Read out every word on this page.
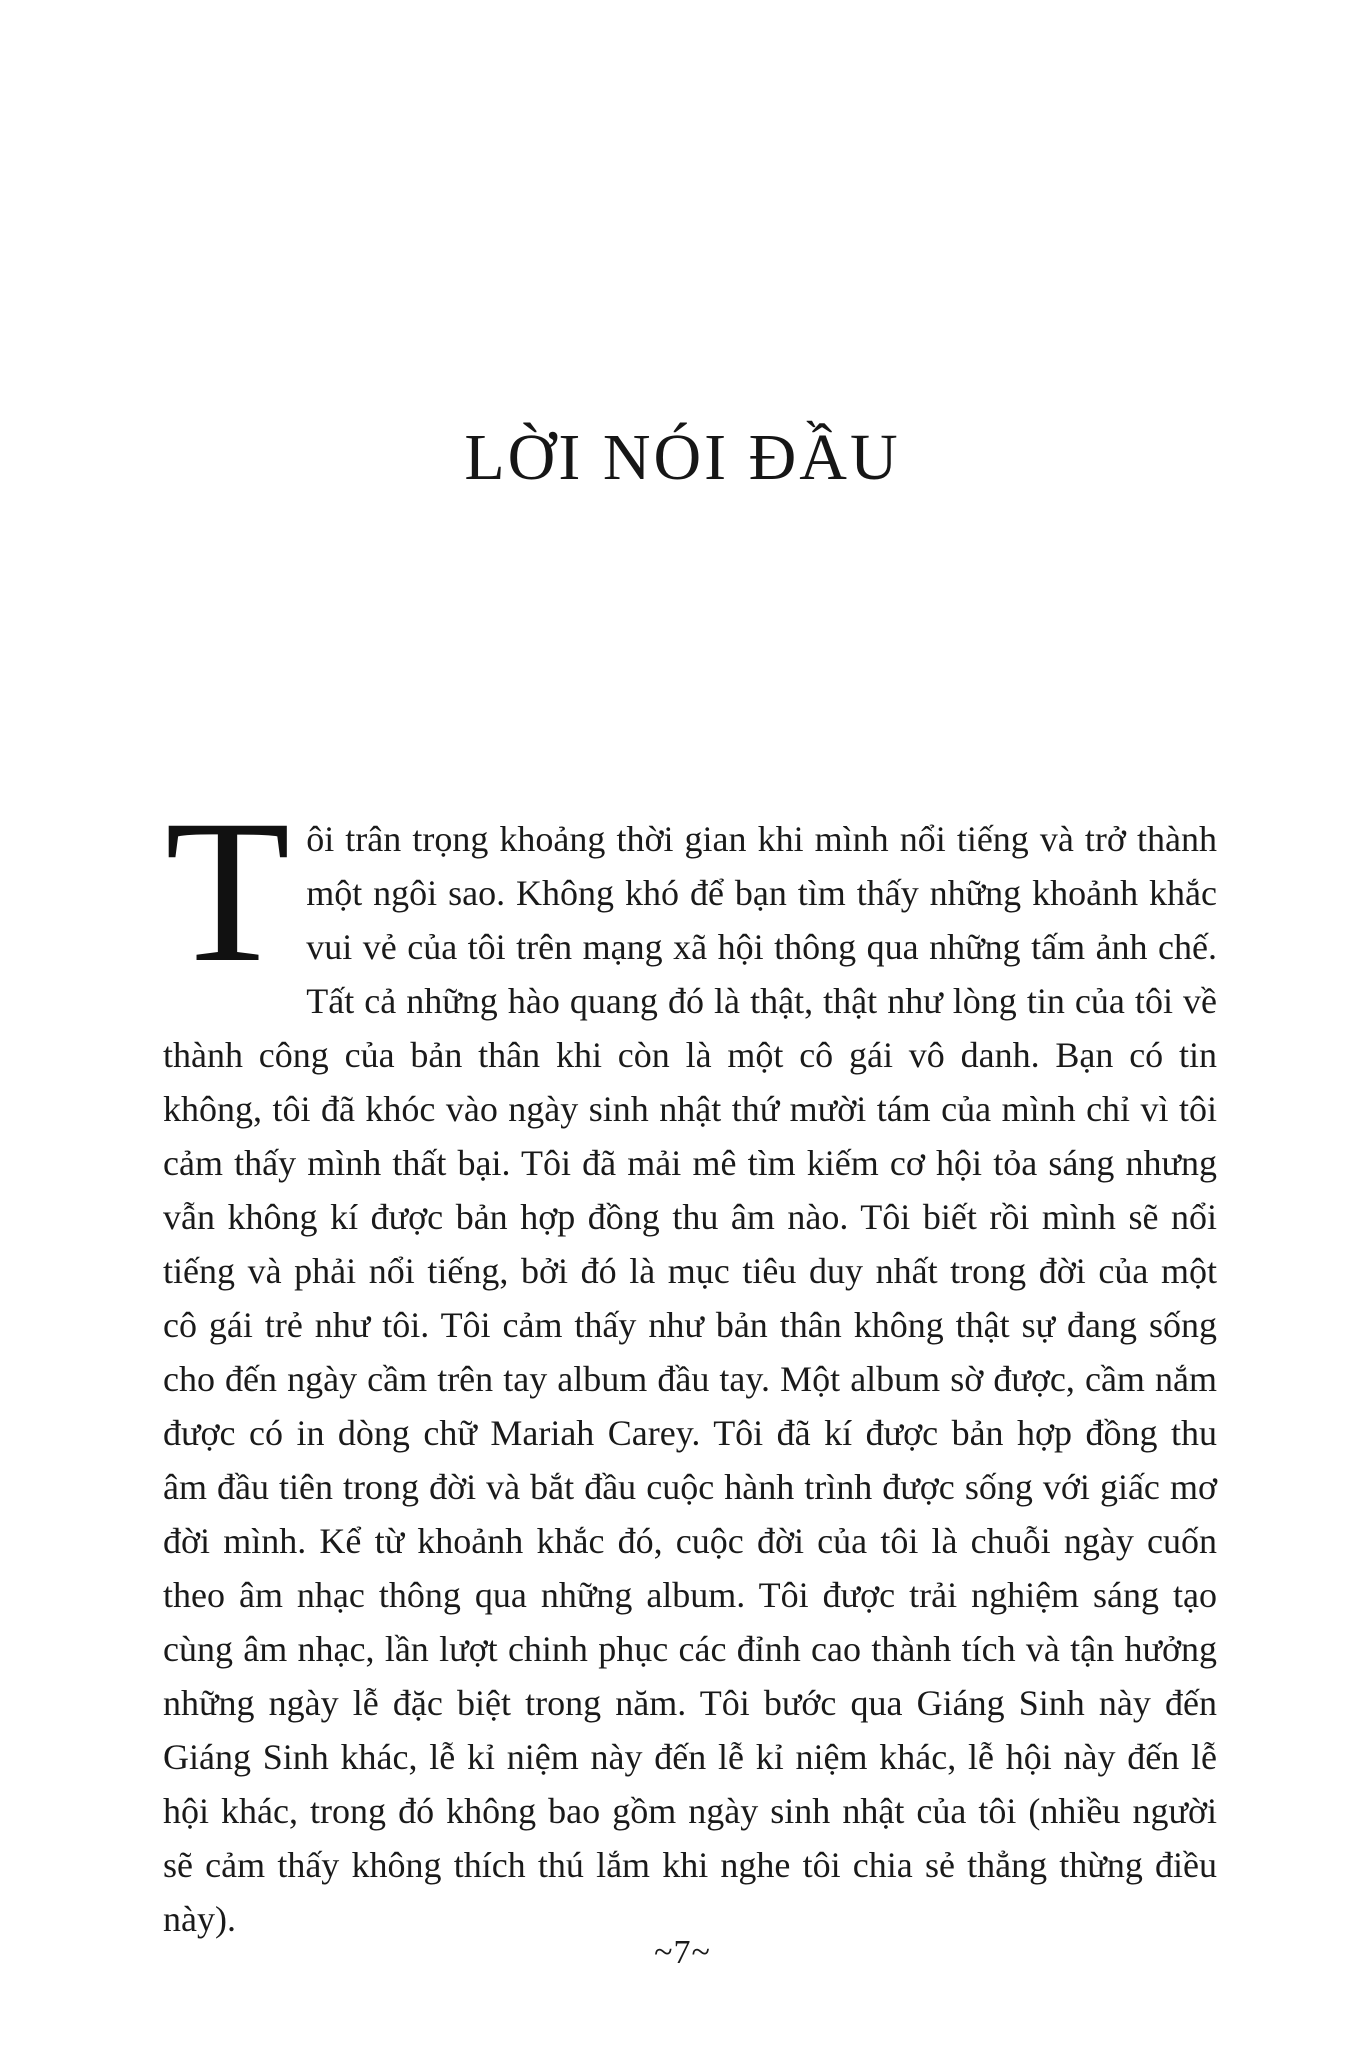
LỜI NÓI ĐẦU
Tôi trân trọng khoảng thời gian khi mình nổi tiếng và trở thành một ngôi sao. Không khó để bạn tìm thấy những khoảnh khắc vui vẻ của tôi trên mạng xã hội thông qua những tấm ảnh chế. Tất cả những hào quang đó là thật, thật như lòng tin của tôi về thành công của bản thân khi còn là một cô gái vô danh. Bạn có tin không, tôi đã khóc vào ngày sinh nhật thứ mười tám của mình chỉ vì tôi cảm thấy mình thất bại. Tôi đã mải mê tìm kiếm cơ hội tỏa sáng nhưng vẫn không kí được bản hợp đồng thu âm nào. Tôi biết rồi mình sẽ nổi tiếng và phải nổi tiếng, bởi đó là mục tiêu duy nhất trong đời của một cô gái trẻ như tôi. Tôi cảm thấy như bản thân không thật sự đang sống cho đến ngày cầm trên tay album đầu tay. Một album sờ được, cầm nắm được có in dòng chữ Mariah Carey. Tôi đã kí được bản hợp đồng thu âm đầu tiên trong đời và bắt đầu cuộc hành trình được sống với giấc mơ đời mình. Kể từ khoảnh khắc đó, cuộc đời của tôi là chuỗi ngày cuốn theo âm nhạc thông qua những album. Tôi được trải nghiệm sáng tạo cùng âm nhạc, lần lượt chinh phục các đỉnh cao thành tích và tận hưởng những ngày lễ đặc biệt trong năm. Tôi bước qua Giáng Sinh này đến Giáng Sinh khác, lễ kỉ niệm này đến lễ kỉ niệm khác, lễ hội này đến lễ hội khác, trong đó không bao gồm ngày sinh nhật của tôi (nhiều người sẽ cảm thấy không thích thú lắm khi nghe tôi chia sẻ thẳng thừng điều này).
~7~
